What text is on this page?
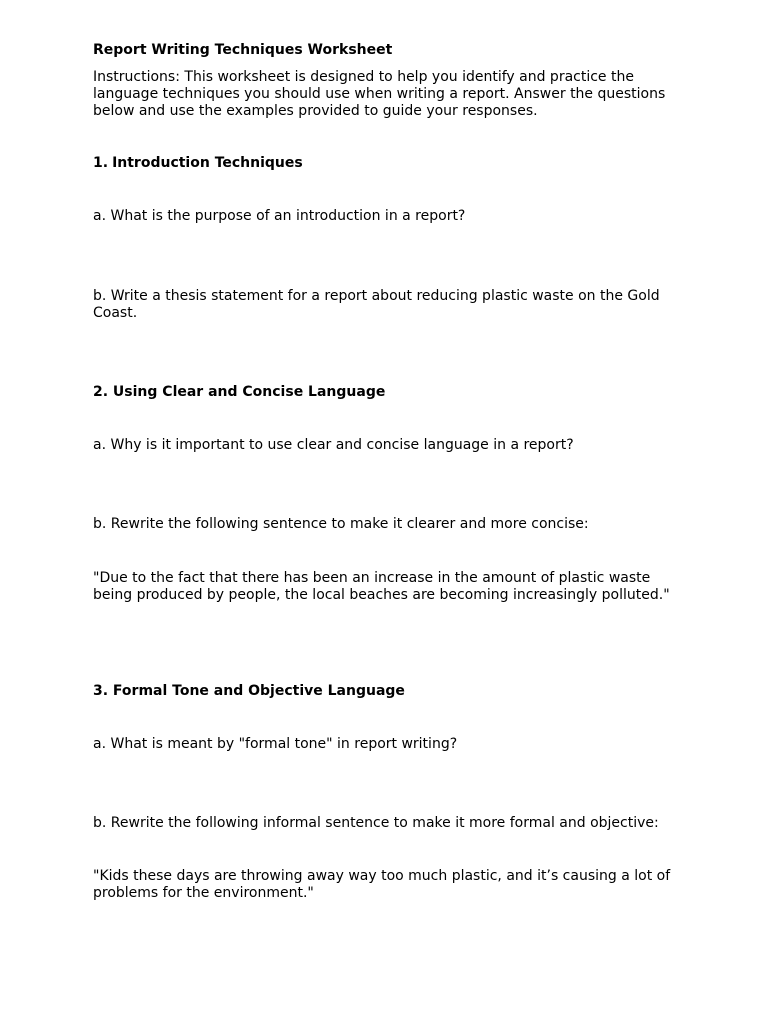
Report Writing Techniques Worksheet

Instructions: This worksheet is designed to help you identify and practice the language techniques you should use when writing a report. Answer the questions below and use the examples provided to guide your responses.

1. Introduction Techniques

a. What is the purpose of an introduction in a report?

b. Write a thesis statement for a report about reducing plastic waste on the Gold Coast.

2. Using Clear and Concise Language

a. Why is it important to use clear and concise language in a report?

b. Rewrite the following sentence to make it clearer and more concise:

"Due to the fact that there has been an increase in the amount of plastic waste being produced by people, the local beaches are becoming increasingly polluted."

3. Formal Tone and Objective Language

a. What is meant by "formal tone" in report writing?

b. Rewrite the following informal sentence to make it more formal and objective:

"Kids these days are throwing away way too much plastic, and it’s causing a lot of problems for the environment."
